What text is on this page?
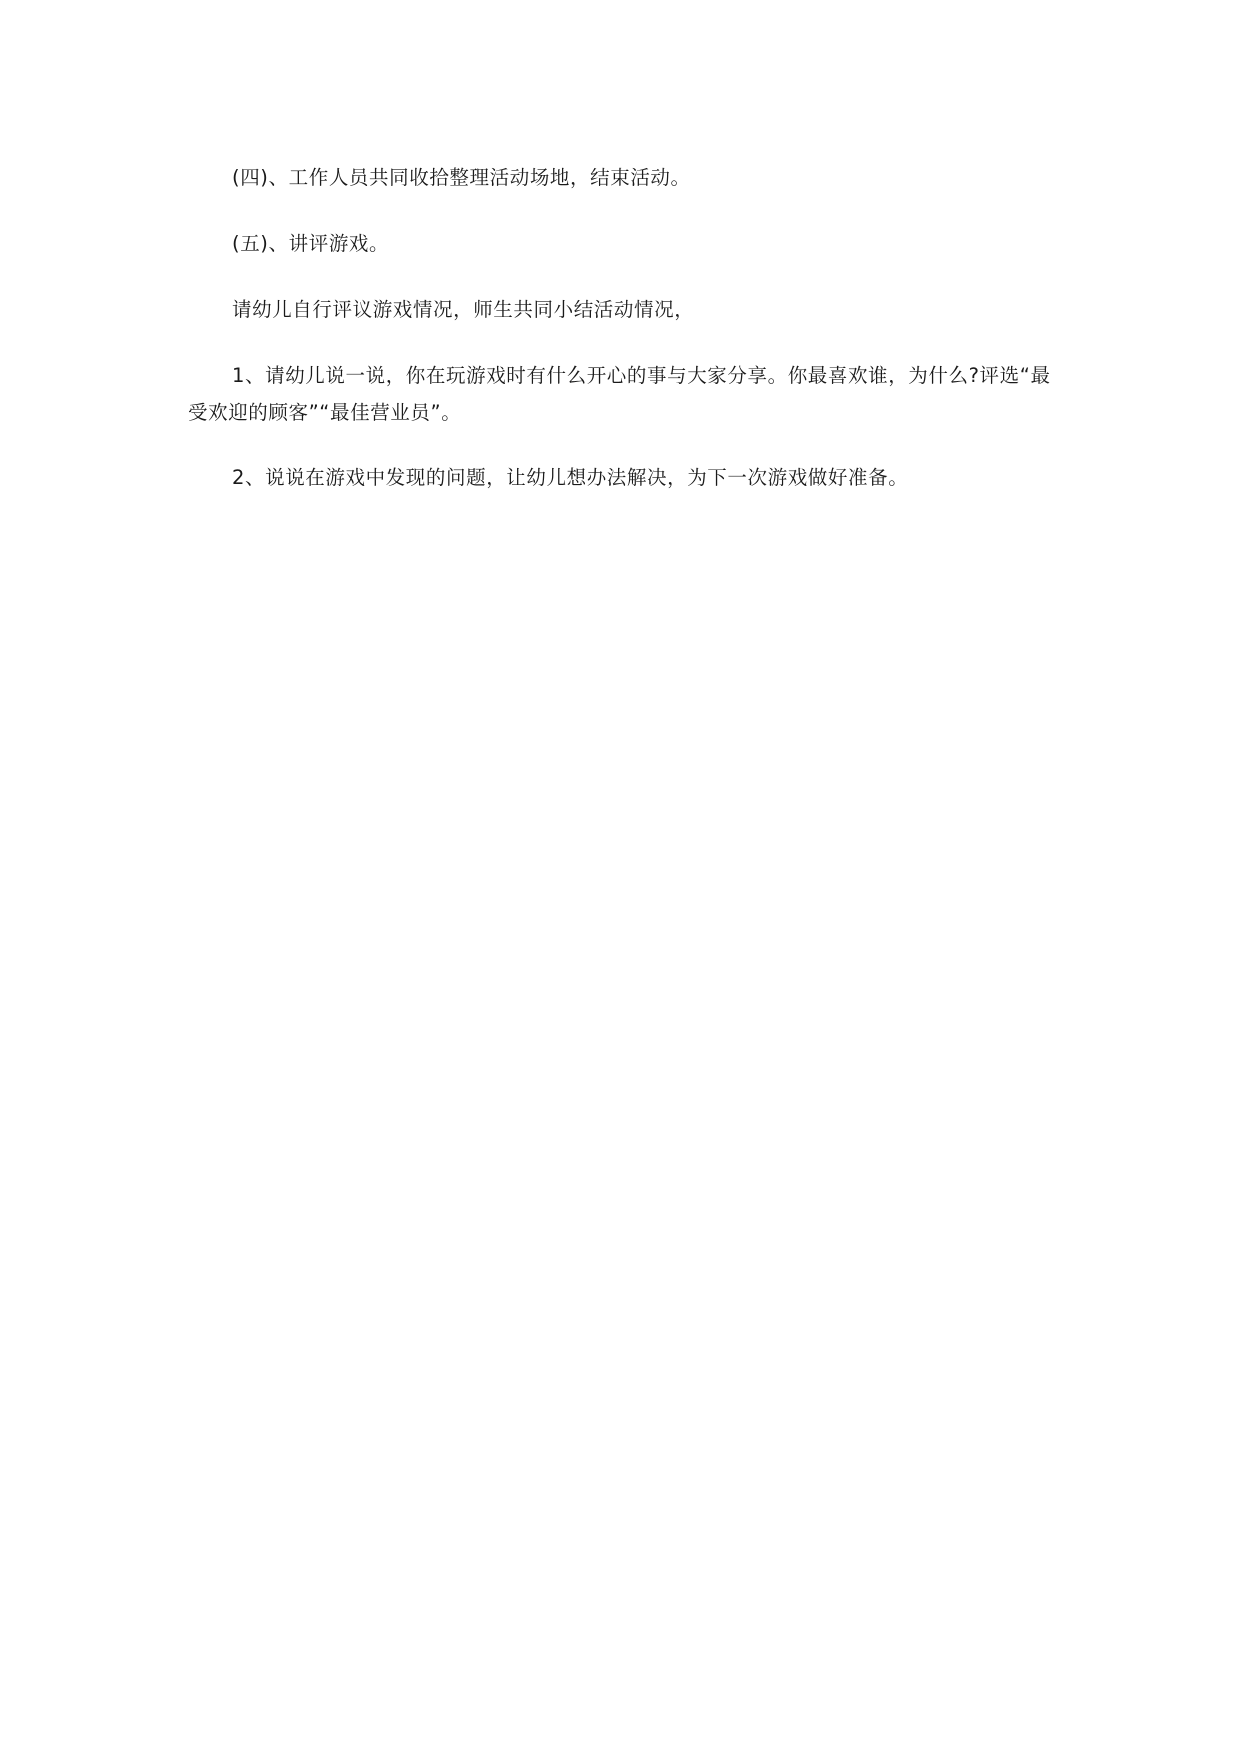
(四)、工作人员共同收拾整理活动场地，结束活动。

(五)、讲评游戏。

请幼儿自行评议游戏情况，师生共同小结活动情况，

1、请幼儿说一说，你在玩游戏时有什么开心的事与大家分享。你最喜欢谁，为什么?评选“最受欢迎的顾客”“最佳营业员”。

2、说说在游戏中发现的问题，让幼儿想办法解决，为下一次游戏做好准备。
